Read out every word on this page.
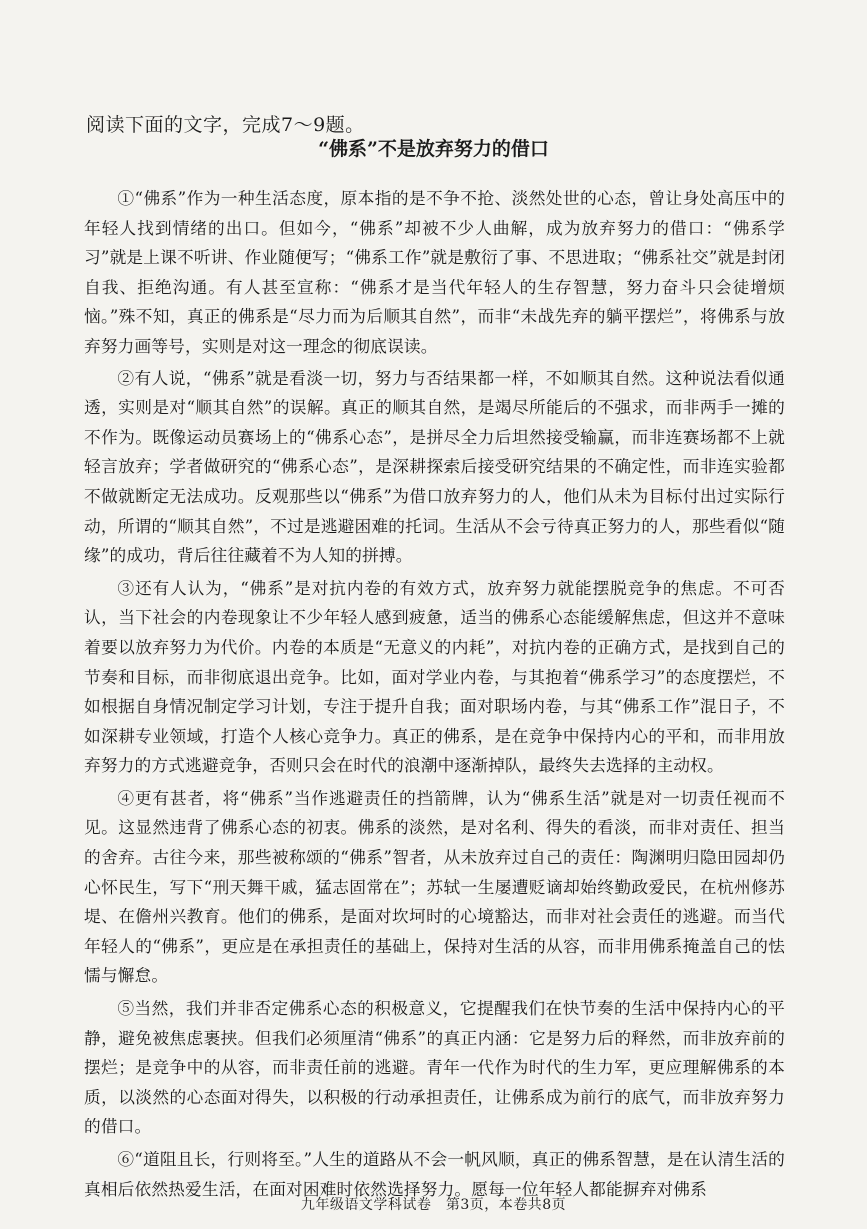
阅读下面的文字，完成7～9题。
“佛系”不是放弃努力的借口

①“佛系”作为一种生活态度，原本指的是不争不抢、淡然处世的心态，曾让身处高压中的年轻人找到情绪的出口。但如今，“佛系”却被不少人曲解，成为放弃努力的借口：“佛系学习”就是上课不听讲、作业随便写；“佛系工作”就是敷衍了事、不思进取；“佛系社交”就是封闭自我、拒绝沟通。有人甚至宣称：“佛系才是当代年轻人的生存智慧，努力奋斗只会徒增烦恼。”殊不知，真正的佛系是“尽力而为后顺其自然”，而非“未战先弃的躺平摆烂”，将佛系与放弃努力画等号，实则是对这一理念的彻底误读。

②有人说，“佛系”就是看淡一切，努力与否结果都一样，不如顺其自然。这种说法看似通透，实则是对“顺其自然”的误解。真正的顺其自然，是竭尽所能后的不强求，而非两手一摊的不作为。既像运动员赛场上的“佛系心态”，是拼尽全力后坦然接受输赢，而非连赛场都不上就轻言放弃；学者做研究的“佛系心态”，是深耕探索后接受研究结果的不确定性，而非连实验都不做就断定无法成功。反观那些以“佛系”为借口放弃努力的人，他们从未为目标付出过实际行动，所谓的“顺其自然”，不过是逃避困难的托词。生活从不会亏待真正努力的人，那些看似“随缘”的成功，背后往往藏着不为人知的拼搏。

③还有人认为，“佛系”是对抗内卷的有效方式，放弃努力就能摆脱竞争的焦虑。不可否认，当下社会的内卷现象让不少年轻人感到疲惫，适当的佛系心态能缓解焦虑，但这并不意味着要以放弃努力为代价。内卷的本质是“无意义的内耗”，对抗内卷的正确方式，是找到自己的节奏和目标，而非彻底退出竞争。比如，面对学业内卷，与其抱着“佛系学习”的态度摆烂，不如根据自身情况制定学习计划，专注于提升自我；面对职场内卷，与其“佛系工作”混日子，不如深耕专业领域，打造个人核心竞争力。真正的佛系，是在竞争中保持内心的平和，而非用放弃努力的方式逃避竞争，否则只会在时代的浪潮中逐渐掉队，最终失去选择的主动权。

④更有甚者，将“佛系”当作逃避责任的挡箭牌，认为“佛系生活”就是对一切责任视而不见。这显然违背了佛系心态的初衷。佛系的淡然，是对名利、得失的看淡，而非对责任、担当的舍弃。古往今来，那些被称颂的“佛系”智者，从未放弃过自己的责任：陶渊明归隐田园却仍心怀民生，写下“刑天舞干戚，猛志固常在”；苏轼一生屡遭贬谪却始终勤政爱民，在杭州修苏堤、在儋州兴教育。他们的佛系，是面对坎坷时的心境豁达，而非对社会责任的逃避。而当代年轻人的“佛系”，更应是在承担责任的基础上，保持对生活的从容，而非用佛系掩盖自己的怯懦与懈怠。

⑤当然，我们并非否定佛系心态的积极意义，它提醒我们在快节奏的生活中保持内心的平静，避免被焦虑裹挟。但我们必须厘清“佛系”的真正内涵：它是努力后的释然，而非放弃前的摆烂；是竞争中的从容，而非责任前的逃避。青年一代作为时代的生力军，更应理解佛系的本质，以淡然的心态面对得失，以积极的行动承担责任，让佛系成为前行的底气，而非放弃努力的借口。

⑥“道阻且长，行则将至。”人生的道路从不会一帆风顺，真正的佛系智慧，是在认清生活的真相后依然热爱生活，在面对困难时依然选择努力。愿每一位年轻人都能摒弃对佛系

九年级语文学科试卷　第3页，本卷共8页
